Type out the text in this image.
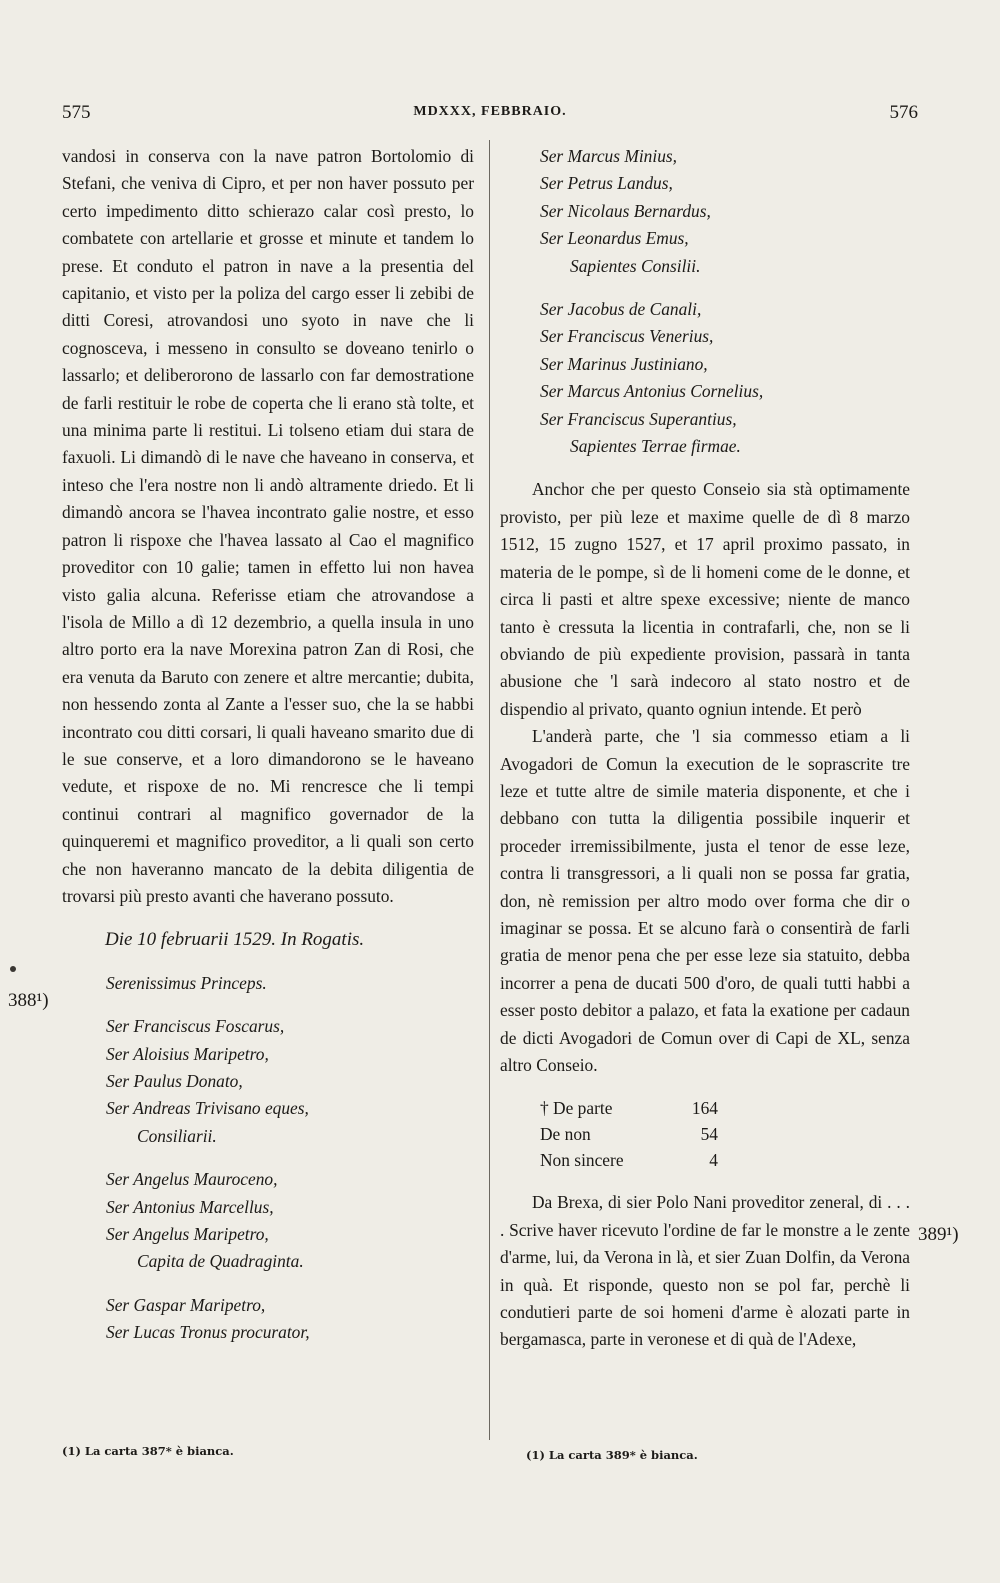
575	MDXXX, FEBBRAIO.	576
388¹)
389¹)

vandosi in conserva con la nave patron Bortolomio di Stefani, che veniva di Cipro, et per non haver possuto per certo impedimento ditto schierazo calar così presto, lo combatete con artellarie et grosse et minute et tandem lo prese. Et conduto el patron in nave a la presentia del capitanio, et visto per la poliza del cargo esser li zebibi de ditti Coresi, atrovandosi uno syoto in nave che li cognosceva, i messeno in consulto se doveano tenirlo o lassarlo; et deliberorono de lassarlo con far demostratione de farli restituir le robe de coperta che li erano stà tolte, et una minima parte li restitui. Li tolseno etiam dui stara de faxuoli. Li dimandò di le nave che haveano in conserva, et inteso che l'era nostre non li andò altramente driedo. Et li dimandò ancora se l'havea incontrato galie nostre, et esso patron li rispoxe che l'havea lassato al Cao el magnifico proveditor con 10 galie; tamen in effetto lui non havea visto galia alcuna. Referisse etiam che atrovandose a l'isola de Millo a dì 12 dezembrio, a quella insula in uno altro porto era la nave Morexina patron Zan di Rosi, che era venuta da Baruto con zenere et altre mercantie; dubita, non hessendo zonta al Zante a l'esser suo, che la se habbi incontrato cou ditti corsari, li quali haveano smarito due di le sue conserve, et a loro dimandorono se le haveano vedute, et rispoxe de no. Mi rencresce che li tempi continui contrari al magnifico governador de la quinqueremi et magnifico proveditor, a li quali son certo che non haveranno mancato de la debita diligentia de trovarsi più presto avanti che haverano possuto.

Die 10 februarii 1529. In Rogatis.
Serenissimus Princeps.
Ser Franciscus Foscarus,
Ser Aloisius Maripetro,
Ser Paulus Donato,
Ser Andreas Trivisano eques,
Consiliarii.
Ser Angelus Mauroceno,
Ser Antonius Marcellus,
Ser Angelus Maripetro,
Capita de Quadraginta.
Ser Gaspar Maripetro,
Ser Lucas Tronus procurator,
Ser Marcus Minius,
Ser Petrus Landus,
Ser Nicolaus Bernardus,
Ser Leonardus Emus,
Sapientes Consilii.
Ser Jacobus de Canali,
Ser Franciscus Venerius,
Ser Marinus Justiniano,
Ser Marcus Antonius Cornelius,
Ser Franciscus Superantius,
Sapientes Terrae firmae.

Anchor che per questo Conseio sia stà optimamente provisto, per più leze et maxime quelle de dì 8 marzo 1512, 15 zugno 1527, et 17 april proximo passato, in materia de le pompe, sì de li homeni come de le donne, et circa li pasti et altre spexe excessive; niente de manco tanto è cressuta la licentia in contrafarli, che, non se li obviando de più expediente provision, passarà in tanta abusione che 'l sarà indecoro al stato nostro et de dispendio al privato, quanto ogniun intende. Et però

L'anderà parte, che 'l sia commesso etiam a li Avogadori de Comun la execution de le soprascrite tre leze et tutte altre de simile materia disponente, et che i debbano con tutta la diligentia possibile inquerir et proceder irremissibilmente, justa el tenor de esse leze, contra li transgressori, a li quali non se possa far gratia, don, nè remission per altro modo over forma che dir o imaginar se possa. Et se alcuno farà o consentirà de farli gratia de menor pena che per esse leze sia statuito, debba incorrer a pena de ducati 500 d'oro, de quali tutti habbi a esser posto debitor a palazo, et fata la exatione per cadaun de dicti Avogadori de Comun over di Capi de XL, senza altro Conseio.

† De parte	164
De non	54
Non sincere	4

Da Brexa, di sier Polo Nani proveditor zeneral, di . . . . Scrive haver ricevuto l'ordine de far le monstre a le zente d'arme, lui, da Verona in là, et sier Zuan Dolfin, da Verona in quà. Et risponde, questo non se pol far, perchè li condutieri parte de soi homeni d'arme è alozati parte in bergamasca, parte in veronese et di quà de l'Adexe,

(1) La carta 387* è bianca.	(1) La carta 389* è bianca.
